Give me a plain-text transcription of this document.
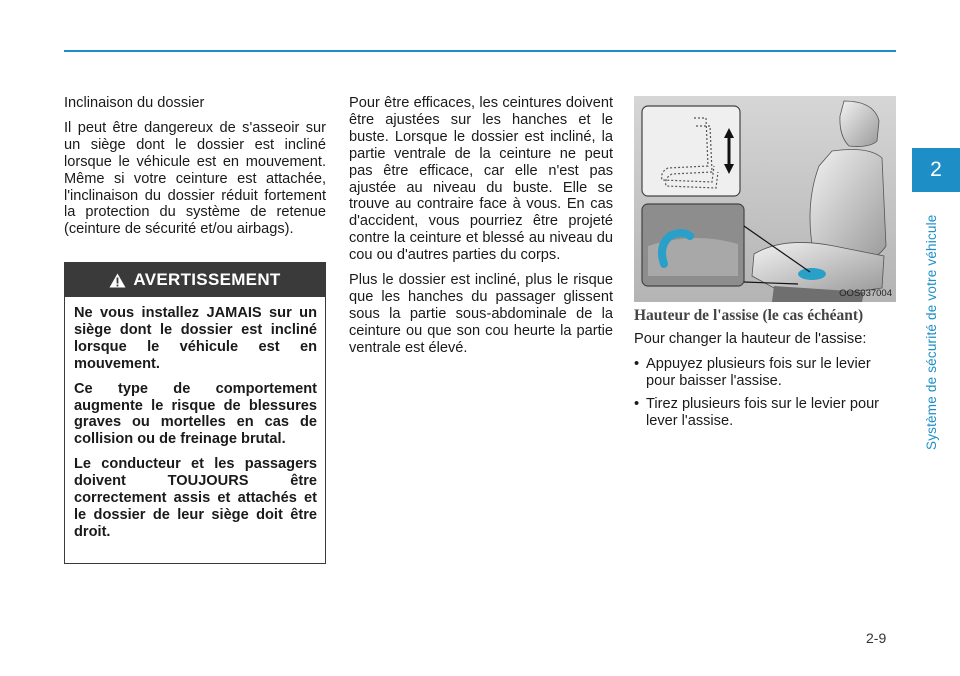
2
Système de sécurité de votre véhicule

Inclinaison du dossier

Il peut être dangereux de s'asseoir sur un siège dont le dossier est incliné lorsque le véhicule est en mouvement. Même si votre ceinture est attachée, l'inclinaison du dossier réduit fortement la protection du système de retenue (ceinture de sécurité et/ou airbags).

AVERTISSEMENT

Ne vous installez JAMAIS sur un siège dont le dossier est incliné lorsque le véhicule est en mouvement.

Ce type de comportement augmente le risque de blessures graves ou mortelles en cas de collision ou de freinage brutal.

Le conducteur et les passagers doivent TOUJOURS être correctement assis et attachés et le dossier de leur siège doit être droit.

Pour être efficaces, les ceintures doivent être ajustées sur les hanches et le buste. Lorsque le dossier est incliné, la partie ventrale de la ceinture ne peut pas être efficace, car elle n'est pas ajustée au niveau du buste. Elle se trouve au contraire face à vous. En cas d'accident, vous pourriez être projeté contre la ceinture et blessé au niveau du cou ou d'autres parties du corps.

Plus le dossier est incliné, plus le risque que les hanches du passager glissent sous la partie sous-abdominale de la ceinture ou que son cou heurte la partie ventrale est élevé.

OOS037004
Hauteur de l'assise (le cas échéant)

Pour changer la hauteur de l'assise:

• Appuyez plusieurs fois sur le levier pour baisser l'assise.
• Tirez plusieurs fois sur le levier pour lever l'assise.
2-9
